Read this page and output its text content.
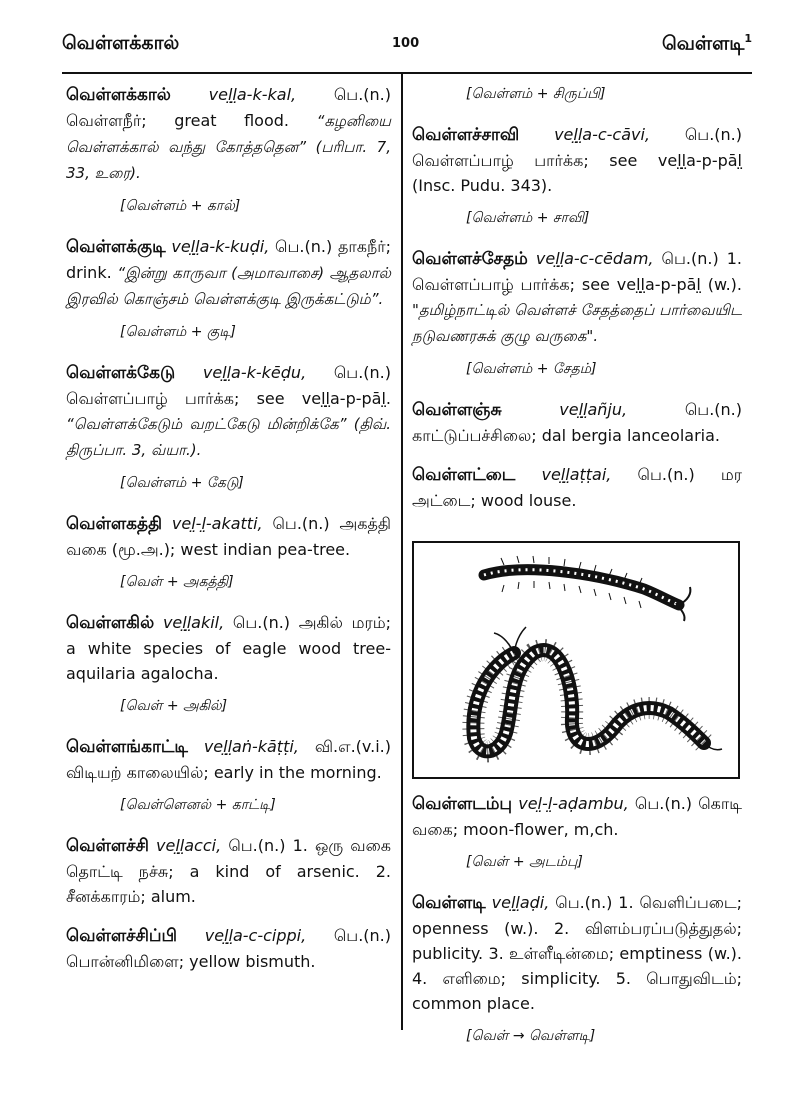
வெள்ளக்கால்	100	வெள்ளடி$^1$
வெள்ளக்கால் vel̤l̤a-k-kal, பெ.(n.) வெள்ளநீர்; great flood. “கழனியை வெள்ளக்கால் வந்து கோத்ததென” (பரிபா. 7, 33, உரை).
[வெள்ளம் + கால்]
வெள்ளக்குடி vel̤l̤a-k-kuḍi, பெ.(n.) தாகநீர்; drink. “இன்று காருவா (அமாவாசை) ஆதலால் இரவில் கொஞ்சம் வெள்ளக்குடி இருக்கட்டும்”.
[வெள்ளம் + குடி]
வெள்ளக்கேடு vel̤l̤a-k-kēḍu, பெ.(n.) வெள்ளப்பாழ் பார்க்க; see vel̤l̤a-p-pāl̤. “வெள்ளக்கேடும் வறட்கேடு மின்றிக்கே” (திவ். திருப்பா. 3, வ்யா.).
[வெள்ளம் + கேடு]
வெள்ளகத்தி vel̤-l̤-akatti, பெ.(n.) அகத்தி வகை (மூ.அ.); west indian pea-tree.
[வெள் + அகத்தி]
வெள்ளகில் vel̤l̤akil, பெ.(n.) அகில் மரம்; a white species of eagle wood tree-aquilaria agalocha.
[வெள் + அகில்]
வெள்ளங்காட்டி vel̤l̤aṅ-kāṭṭi, வி.எ.(v.i.) விடியற் காலையில்; early in the morning.
[வெள்ளெனல் + காட்டி]
வெள்ளச்சி vel̤l̤acci, பெ.(n.) 1. ஒரு வகை தொட்டி நச்சு; a kind of arsenic. 2. சீனக்காரம்; alum.
வெள்ளச்சிப்பி vel̤l̤a-c-cippi, பெ.(n.) பொன்னிமிளை; yellow bismuth.
[வெள்ளம் + சிருப்பி]
வெள்ளச்சாவி vel̤l̤a-c-cāvi, பெ.(n.) வெள்ளப்பாழ் பார்க்க; see vel̤l̤a-p-pāl̤ (Insc. Pudu. 343).
[வெள்ளம் + சாவி]
வெள்ளச்சேதம் vel̤l̤a-c-cēdam, பெ.(n.) 1. வெள்ளப்பாழ் பார்க்க; see vel̤l̤a-p-pāl̤ (w.). "தமிழ்நாட்டில் வெள்ளச் சேதத்தைப் பார்வையிட நடுவணரசுக் குழு வருகை".
[வெள்ளம் + சேதம்]
வெள்ளஞ்சு	vel̤l̤añju,	பெ.(n.) காட்டுப்பச்சிலை; dal bergia lanceolaria.
வெள்ளட்டை vel̤l̤aṭṭai, பெ.(n.) மர அட்டை; wood louse.
வெள்ளடம்பு vel̤-l̤-aḍambu, பெ.(n.) கொடி வகை; moon-flower, m,ch.
[வெள் + அடம்பு]
வெள்ளடி vel̤l̤aḍi, பெ.(n.) 1. வெளிப்படை; openness (w.). 2. விளம்பரப்படுத்துதல்; publicity. 3. உள்ளீடின்மை; emptiness (w.). 4. எளிமை; simplicity. 5. பொதுவிடம்; common place.
[வெள் → வெள்ளடி]
